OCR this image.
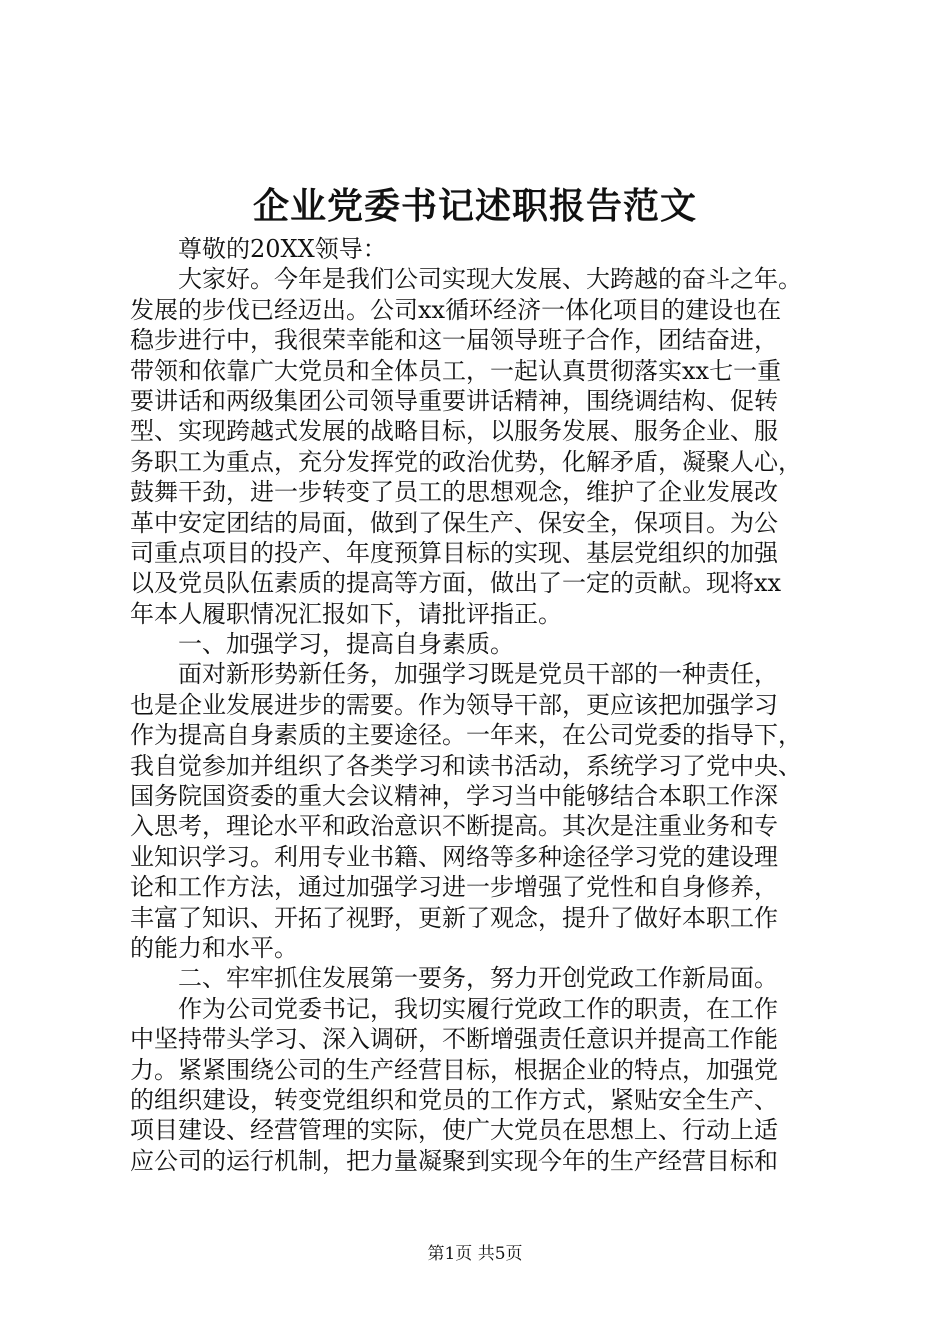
企业党委书记述职报告范文
　　尊敬的20XX领导：
　　大家好。今年是我们公司实现大发展、大跨越的奋斗之年。
发展的步伐已经迈出。公司xx循环经济一体化项目的建设也在
稳步进行中，我很荣幸能和这一届领导班子合作，团结奋进，
带领和依靠广大党员和全体员工，一起认真贯彻落实xx七一重
要讲话和两级集团公司领导重要讲话精神，围绕调结构、促转
型、实现跨越式发展的战略目标，以服务发展、服务企业、服
务职工为重点，充分发挥党的政治优势，化解矛盾，凝聚人心，
鼓舞干劲，进一步转变了员工的思想观念，维护了企业发展改
革中安定团结的局面，做到了保生产、保安全，保项目。为公
司重点项目的投产、年度预算目标的实现、基层党组织的加强
以及党员队伍素质的提高等方面，做出了一定的贡献。现将xx
年本人履职情况汇报如下，请批评指正。
　　一、加强学习，提高自身素质。
　　面对新形势新任务，加强学习既是党员干部的一种责任，
也是企业发展进步的需要。作为领导干部，更应该把加强学习
作为提高自身素质的主要途径。一年来，在公司党委的指导下，
我自觉参加并组织了各类学习和读书活动，系统学习了党中央、
国务院国资委的重大会议精神，学习当中能够结合本职工作深
入思考，理论水平和政治意识不断提高。其次是注重业务和专
业知识学习。利用专业书籍、网络等多种途径学习党的建设理
论和工作方法，通过加强学习进一步增强了党性和自身修养，
丰富了知识、开拓了视野，更新了观念，提升了做好本职工作
的能力和水平。
　　二、牢牢抓住发展第一要务，努力开创党政工作新局面。
　　作为公司党委书记，我切实履行党政工作的职责，在工作
中坚持带头学习、深入调研，不断增强责任意识并提高工作能
力。紧紧围绕公司的生产经营目标，根据企业的特点，加强党
的组织建设，转变党组织和党员的工作方式，紧贴安全生产、
项目建设、经营管理的实际，使广大党员在思想上、行动上适
应公司的运行机制，把力量凝聚到实现今年的生产经营目标和
第1页 共5页
